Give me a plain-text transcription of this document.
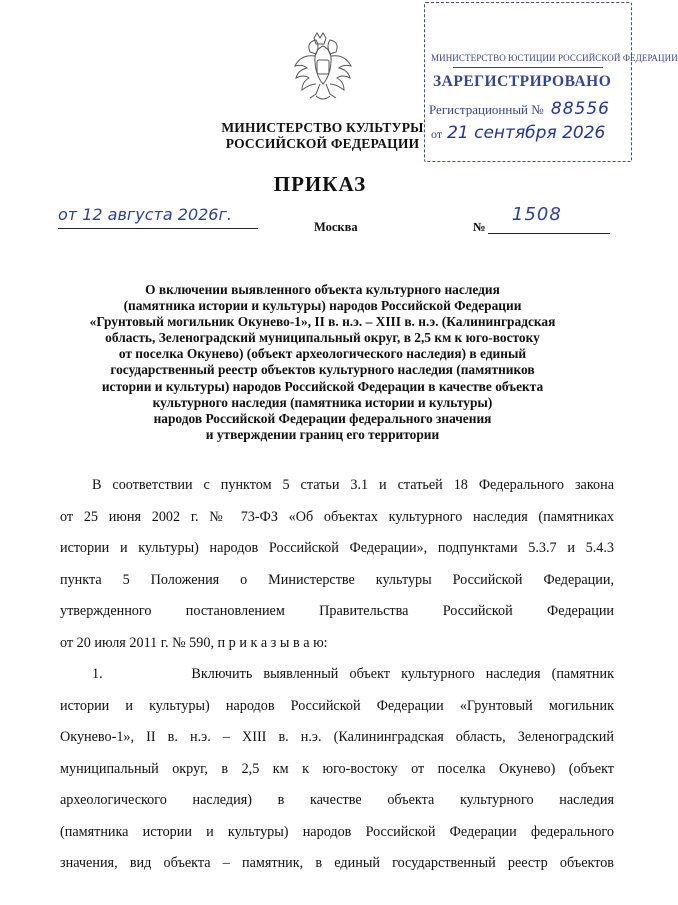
МИНИСТЕРСТВО КУЛЬТУРЫ
РОССИЙСКОЙ ФЕДЕРАЦИИ
МИНИСТЕРСТВО ЮСТИЦИИ РОССИЙСКОЙ ФЕДЕРАЦИИ
ЗАРЕГИСТРИРОВАНО
Регистрационный № 88556
от 21 сентября 2026
ПРИКАЗ
от 12 августа 2026г.
Москва	№
1508
О включении выявленного объекта культурного наследия
(памятника истории и культуры) народов Российской Федерации
«Грунтовый могильник Окунево-1», II в. н.э. – XIII в. н.э. (Калининградская
область, Зеленоградский муниципальный округ, в 2,5 км к юго-востоку
от поселка Окунево) (объект археологического наследия) в единый
государственный реестр объектов культурного наследия (памятников
истории и культуры) народов Российской Федерации в качестве объекта
культурного наследия (памятника истории и культуры)
народов Российской Федерации федерального значения
и утверждении границ его территории
В соответствии с пунктом 5 статьи 3.1 и статьей 18 Федерального закона
от 25 июня 2002 г. № 73-ФЗ «Об объектах культурного наследия (памятниках
истории и культуры) народов Российской Федерации», подпунктами 5.3.7 и 5.4.3
пункта 5 Положения о Министерстве культуры Российской Федерации,
утвержденного постановлением Правительства Российской Федерации
от 20 июля 2011 г. № 590, п р и к а з ы в а ю:
1.        Включить выявленный объект культурного наследия (памятник
истории и культуры) народов Российской Федерации «Грунтовый могильник
Окунево-1», II в. н.э. – XIII в. н.э. (Калининградская область, Зеленоградский
муниципальный округ, в 2,5 км к юго-востоку от поселка Окунево) (объект
археологического наследия) в качестве объекта культурного наследия
(памятника истории и культуры) народов Российской Федерации федерального
значения, вид объекта – памятник, в единый государственный реестр объектов
